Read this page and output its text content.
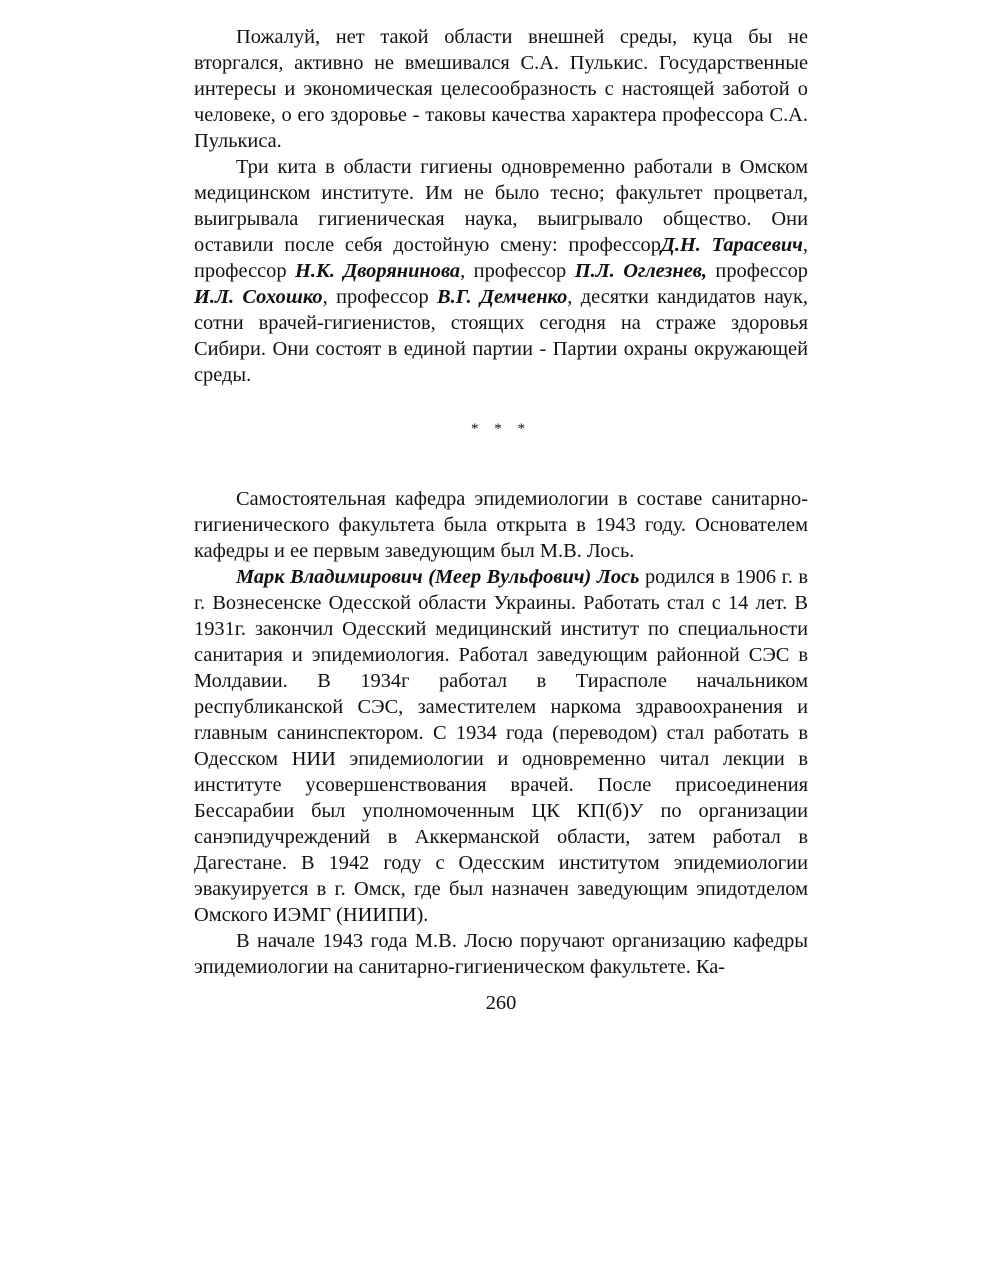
Пожалуй, нет такой области внешней среды, куца бы не вторгался, активно не вмешивался С.А. Пулькис. Государственные интересы и экономическая целесообразность с настоящей заботой о человеке, о его здоровье - таковы качества характера профессора С.А. Пулькиса.

Три кита в области гигиены одновременно работали в Омском медицинском институте. Им не было тесно; факультет процветал, выигрывала гигиеническая наука, выигрывало общество. Они оставили после себя достойную смену: профессорД.Н. Тарасевич, профессор Н.К. Дворянинова, профессор П.Л. Оглезнев, профессор И.Л. Сохошко, профессор В.Г. Демченко, десятки кандидатов наук, сотни врачей-гигиенистов, стоящих сегодня на страже здоровья Сибири. Они состоят в единой партии - Партии охраны окружающей среды.

* * *

Самостоятельная кафедра эпидемиологии в составе санитарно-гигиенического факультета была открыта в 1943 году. Основателем кафедры и ее первым заведующим был М.В. Лось.

Марк Владимирович (Меер Вульфович) Лось родился в 1906 г. в г. Вознесенске Одесской области Украины. Работать стал с 14 лет. В 1931г. закончил Одесский медицинский институт по специальности санитария и эпидемиология. Работал заведующим районной СЭС в Молдавии. В 1934г работал в Тирасполе начальником республиканской СЭС, заместителем наркома здравоохранения и главным санинспектором. С 1934 года (переводом) стал работать в Одесском НИИ эпидемиологии и одновременно читал лекции в институте усовершенствования врачей. После присоединения Бессарабии был уполномоченным ЦК КП(б)У по организации санэпидучреждений в Аккерманской области, затем работал в Дагестане. В 1942 году с Одесским институтом эпидемиологии эвакуируется в г. Омск, где был назначен заведующим эпидотделом Омского ИЭМГ (НИИПИ).

В начале 1943 года М.В. Лосю поручают организацию кафедры эпидемиологии на санитарно-гигиеническом факультете. Ка-

260
